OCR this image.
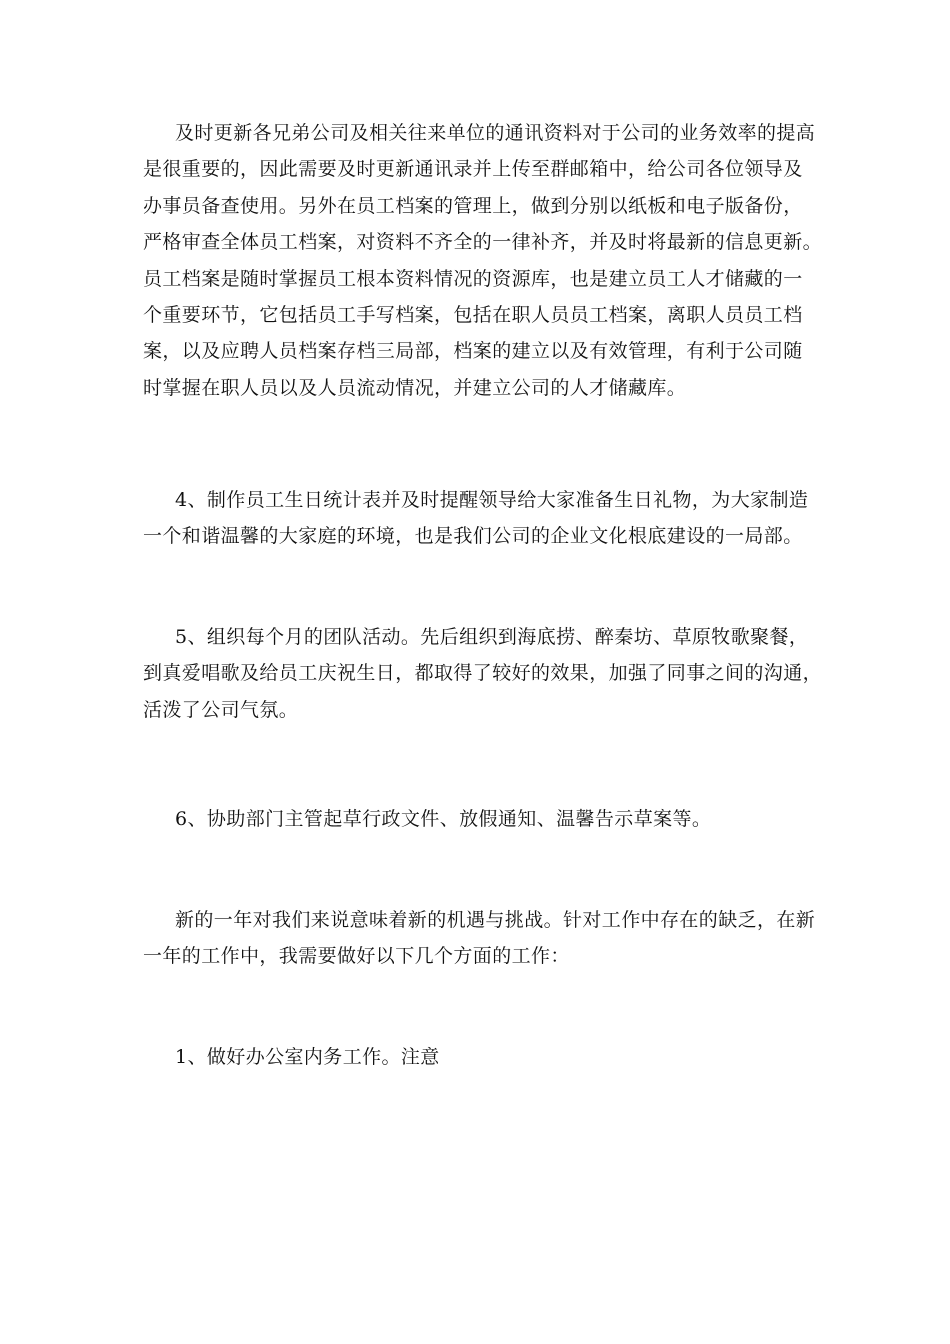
及时更新各兄弟公司及相关往来单位的通讯资料对于公司的业务效率的提高
是很重要的，因此需要及时更新通讯录并上传至群邮箱中，给公司各位领导及
办事员备查使用。另外在员工档案的管理上，做到分别以纸板和电子版备份，
严格审查全体员工档案，对资料不齐全的一律补齐，并及时将最新的信息更新。
员工档案是随时掌握员工根本资料情况的资源库，也是建立员工人才储藏的一
个重要环节，它包括员工手写档案，包括在职人员员工档案，离职人员员工档
案，以及应聘人员档案存档三局部，档案的建立以及有效管理，有利于公司随
时掌握在职人员以及人员流动情况，并建立公司的人才储藏库。
4、制作员工生日统计表并及时提醒领导给大家准备生日礼物，为大家制造
一个和谐温馨的大家庭的环境，也是我们公司的企业文化根底建设的一局部。
5、组织每个月的团队活动。先后组织到海底捞、醉秦坊、草原牧歌聚餐，
到真爱唱歌及给员工庆祝生日，都取得了较好的效果，加强了同事之间的沟通，
活泼了公司气氛。
6、协助部门主管起草行政文件、放假通知、温馨告示草案等。
新的一年对我们来说意味着新的机遇与挑战。针对工作中存在的缺乏，在新
一年的工作中，我需要做好以下几个方面的工作：
1、做好办公室内务工作。注意
